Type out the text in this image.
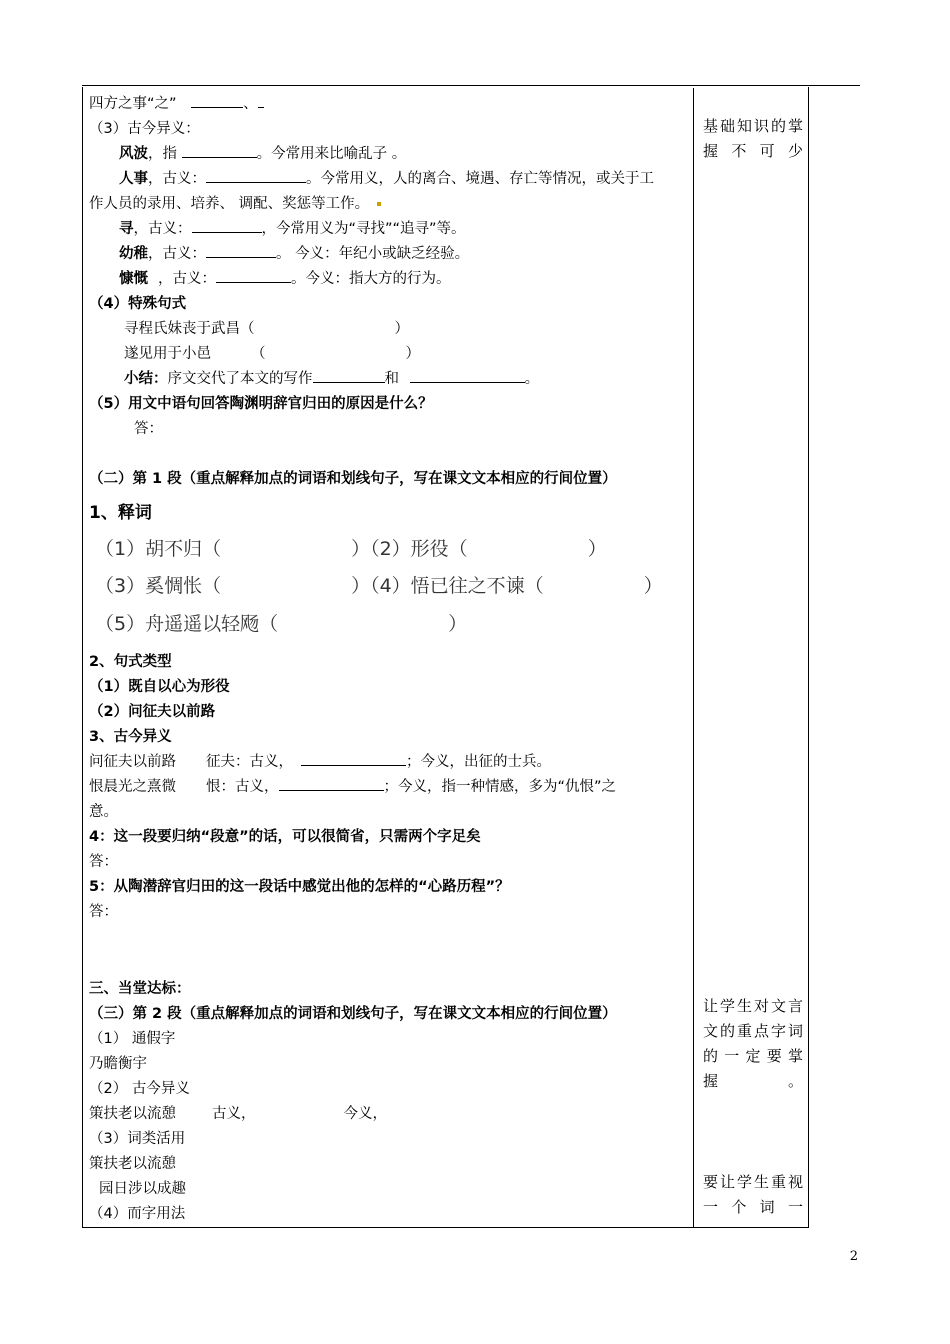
四方之事“之”	、
（3）古今异义：
风波，指	。今常用来比喻乱子 。
人事，古义：	。今常用义，人的离合、境遇、存亡等情况，或关于工
作人员的录用、培养、 调配、奖惩等工作。
寻，古义：	，今常用义为“寻找”“追寻”等。
幼稚，古义：	。 今义：年纪小或缺乏经验。
慷慨 ，古义：	。今义：指大方的行为。
（4）特殊句式
寻程氏妹丧于武昌（	）
遂见用于小邑	（	）
小结：序文交代了本文的写作	和	。
（5）用文中语句回答陶渊明辞官归田的原因是什么？
答：
（二）第 1 段（重点解释加点的词语和划线句子，写在课文文本相应的行间位置）
1、释词
（1）胡不归（	）（2）形役（	）
（3）奚惆怅（	）（4）悟已往之不谏（	）
（5）舟遥遥以轻飏（	）
2、句式类型
（1）既自以心为形役
（2）问征夫以前路
3、古今异义
问征夫以前路 征夫：古义，	；今义，出征的士兵。
恨晨光之熹微 恨：古义，	；今义，指一种情感，多为“仇恨”之
意。
4：这一段要归纳“段意”的话，可以很简省，只需两个字足矣
答：
5：从陶潜辞官归田的这一段话中感觉出他的怎样的“心路历程”？
答：
三、当堂达标：
（三）第 2 段（重点解释加点的词语和划线句子，写在课文文本相应的行间位置）
（1） 通假字
乃瞻衡宇
（2） 古今异义
策扶老以流憩 古义，	今义，
（3）词类活用
策扶老以流憩
园日涉以成趣
（4）而字用法
基础知识的掌握不可少
让学生对文言文的重点字词的一定要掌握。
要让学生重视一个词一
2
